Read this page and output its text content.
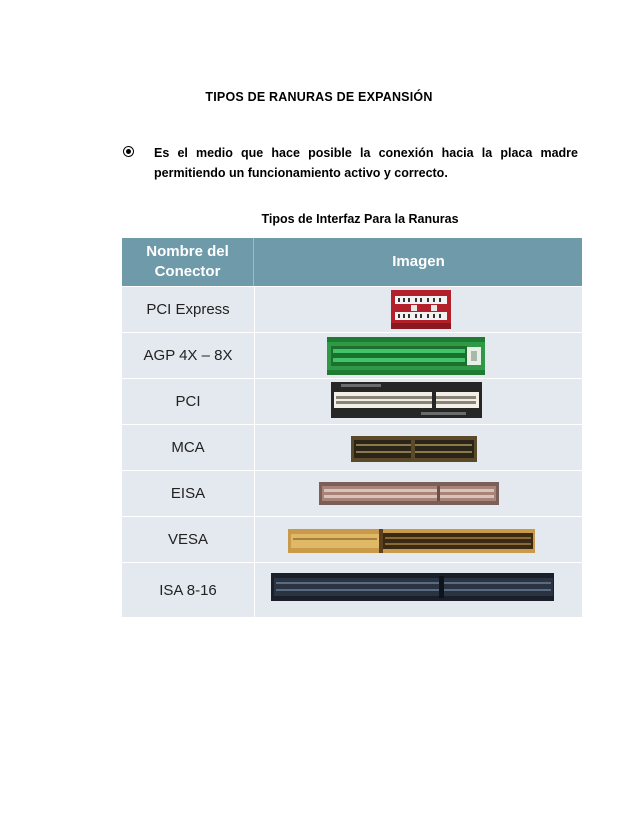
TIPOS DE RANURAS DE EXPANSIÓN
Es el medio que hace posible la conexión hacia la placa madre
permitiendo un funcionamiento activo y correcto.
Tipos de Interfaz Para la Ranuras
Nombre del
Conector
Imagen
PCI Express
AGP 4X – 8X
PCI
MCA
EISA
VESA
ISA 8-16
